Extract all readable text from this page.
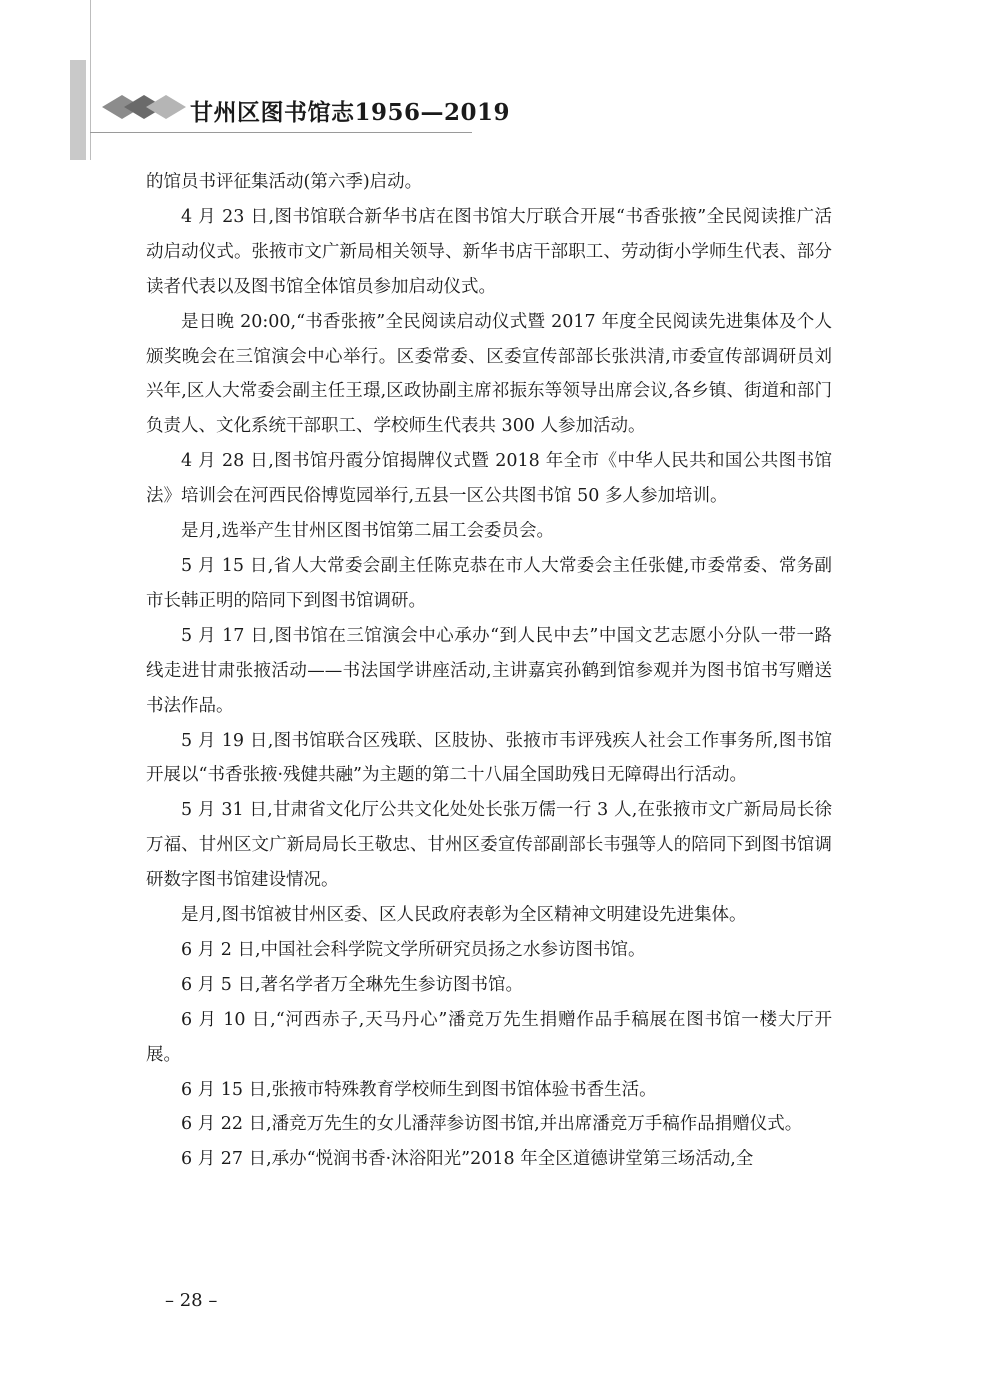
甘州区图书馆志1956—2019

的馆员书评征集活动(第六季)启动。

4 月 23 日,图书馆联合新华书店在图书馆大厅联合开展“书香张掖”全民阅读推广活动启动仪式。张掖市文广新局相关领导、新华书店干部职工、劳动街小学师生代表、部分读者代表以及图书馆全体馆员参加启动仪式。

是日晚 20:00,“书香张掖”全民阅读启动仪式暨 2017 年度全民阅读先进集体及个人颁奖晚会在三馆演会中心举行。区委常委、区委宣传部部长张洪清,市委宣传部调研员刘兴年,区人大常委会副主任王璟,区政协副主席祁振东等领导出席会议,各乡镇、街道和部门负责人、文化系统干部职工、学校师生代表共 300 人参加活动。

4 月 28 日,图书馆丹霞分馆揭牌仪式暨 2018 年全市《中华人民共和国公共图书馆法》培训会在河西民俗博览园举行,五县一区公共图书馆 50 多人参加培训。

是月,选举产生甘州区图书馆第二届工会委员会。

5 月 15 日,省人大常委会副主任陈克恭在市人大常委会主任张健,市委常委、常务副市长韩正明的陪同下到图书馆调研。

5 月 17 日,图书馆在三馆演会中心承办“到人民中去”中国文艺志愿小分队一带一路线走进甘肃张掖活动——书法国学讲座活动,主讲嘉宾孙鹤到馆参观并为图书馆书写赠送书法作品。

5 月 19 日,图书馆联合区残联、区肢协、张掖市韦评残疾人社会工作事务所,图书馆开展以“书香张掖·残健共融”为主题的第二十八届全国助残日无障碍出行活动。

5 月 31 日,甘肃省文化厅公共文化处处长张万儒一行 3 人,在张掖市文广新局局长徐万福、甘州区文广新局局长王敬忠、甘州区委宣传部副部长韦强等人的陪同下到图书馆调研数字图书馆建设情况。

是月,图书馆被甘州区委、区人民政府表彰为全区精神文明建设先进集体。

6 月 2 日,中国社会科学院文学所研究员扬之水参访图书馆。

6 月 5 日,著名学者万全琳先生参访图书馆。

6 月 10 日,“河西赤子,天马丹心”潘竞万先生捐赠作品手稿展在图书馆一楼大厅开展。

6 月 15 日,张掖市特殊教育学校师生到图书馆体验书香生活。

6 月 22 日,潘竞万先生的女儿潘萍参访图书馆,并出席潘竞万手稿作品捐赠仪式。

6 月 27 日,承办“悦润书香·沐浴阳光”2018 年全区道德讲堂第三场活动,全

– 28 –
